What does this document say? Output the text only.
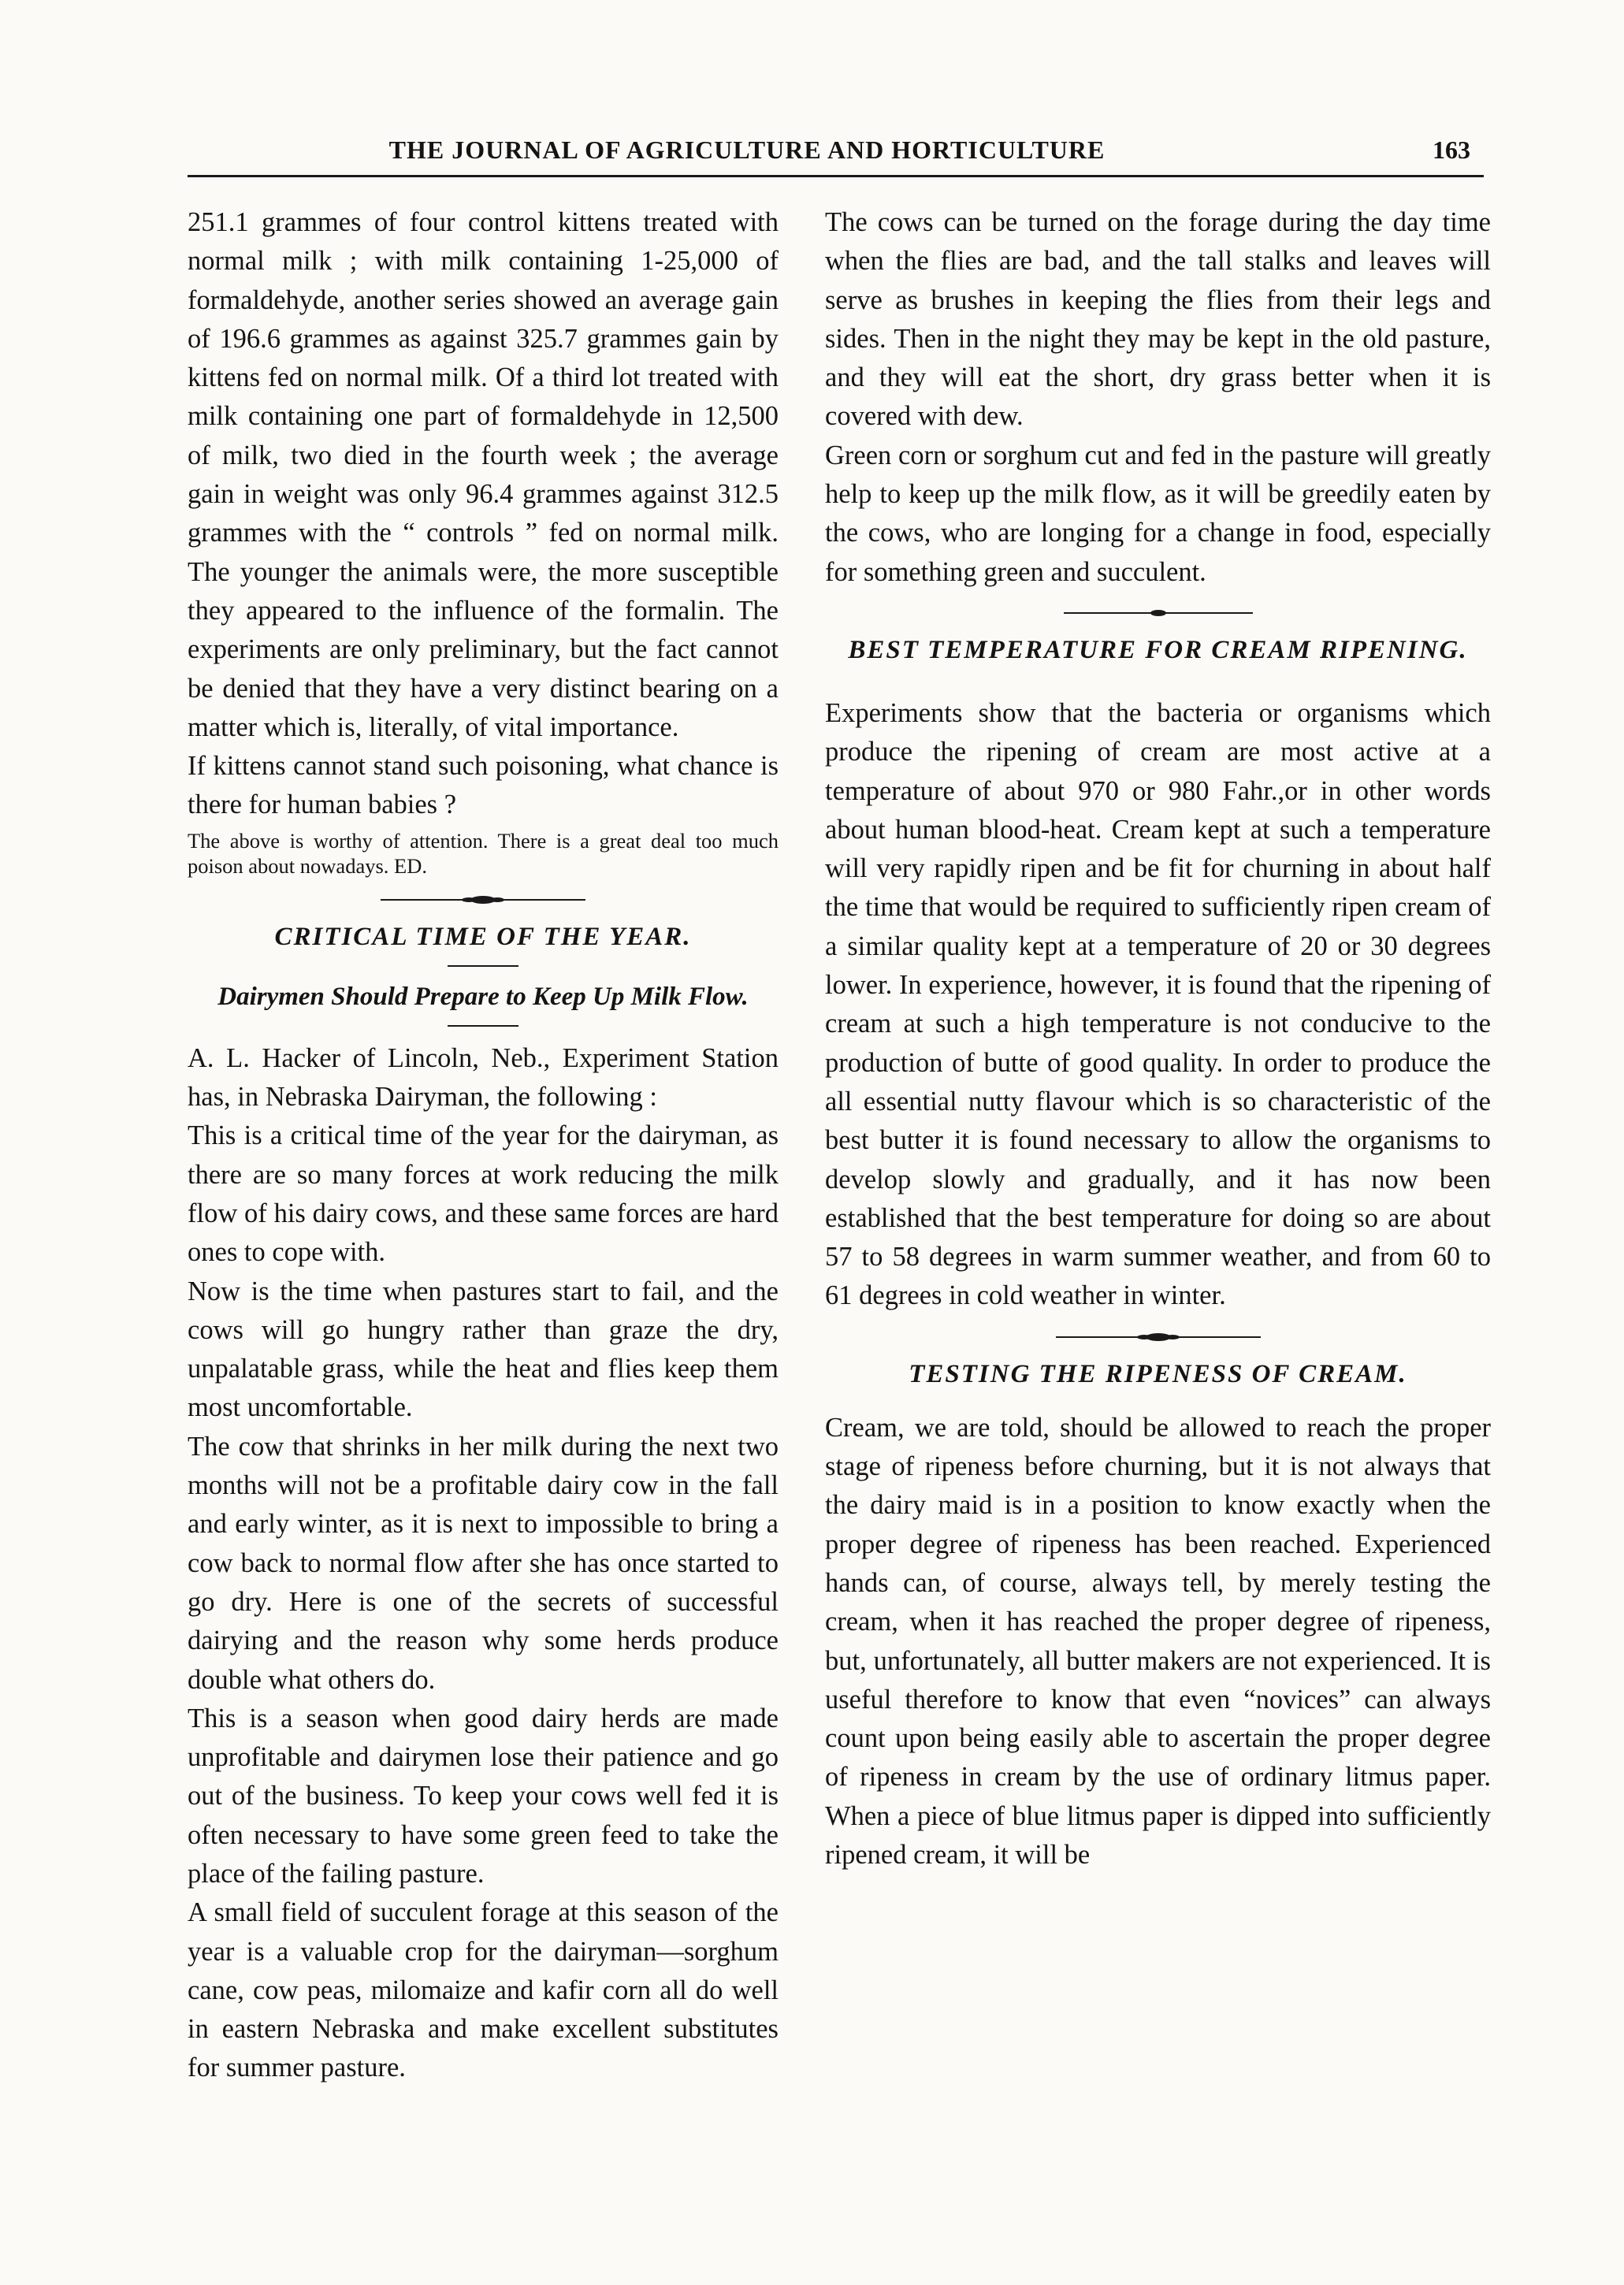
THE JOURNAL OF AGRICULTURE AND HORTICULTURE	163

251.1 grammes of four control kittens treated with normal milk ; with milk containing 1-25,000 of formaldehyde, another series showed an average gain of 196.6 grammes as against 325.7 grammes gain by kittens fed on normal milk. Of a third lot treated with milk containing one part of formaldehyde in 12,500 of milk, two died in the fourth week ; the average gain in weight was only 96.4 grammes against 312.5 grammes with the “ controls ” fed on normal milk. The younger the animals were, the more susceptible they appeared to the influence of the formalin. The experiments are only preliminary, but the fact cannot be denied that they have a very distinct bearing on a matter which is, literally, of vital importance.

If kittens cannot stand such poisoning, what chance is there for human babies ?

The above is worthy of attention. There is a great deal too much poison about nowadays. ED.

CRITICAL TIME OF THE YEAR.
Dairymen Should Prepare to Keep Up Milk Flow.

A. L. Hacker of Lincoln, Neb., Experiment Station has, in Nebraska Dairyman, the following :

This is a critical time of the year for the dairyman, as there are so many forces at work reducing the milk flow of his dairy cows, and these same forces are hard ones to cope with.

Now is the time when pastures start to fail, and the cows will go hungry rather than graze the dry, unpalatable grass, while the heat and flies keep them most uncomfortable.

The cow that shrinks in her milk during the next two months will not be a profitable dairy cow in the fall and early winter, as it is next to impossible to bring a cow back to normal flow after she has once started to go dry. Here is one of the secrets of successful dairying and the reason why some herds produce double what others do.

This is a season when good dairy herds are made unprofitable and dairymen lose their patience and go out of the business. To keep your cows well fed it is often necessary to have some green feed to take the place of the failing pasture.

A small field of succulent forage at this season of the year is a valuable crop for the dairyman—sorghum cane, cow peas, milomaize and kafir corn all do well in eastern Nebraska and make excellent substitutes for summer pasture.

The cows can be turned on the forage during the day time when the flies are bad, and the tall stalks and leaves will serve as brushes in keeping the flies from their legs and sides. Then in the night they may be kept in the old pasture, and they will eat the short, dry grass better when it is covered with dew.

Green corn or sorghum cut and fed in the pasture will greatly help to keep up the milk flow, as it will be greedily eaten by the cows, who are longing for a change in food, especially for something green and succulent.

BEST TEMPERATURE FOR CREAM RIPENING.

Experiments show that the bacteria or organisms which produce the ripening of cream are most active at a temperature of about 970 or 980 Fahr.,or in other words about human blood-heat. Cream kept at such a temperature will very rapidly ripen and be fit for churning in about half the time that would be required to sufficiently ripen cream of a similar quality kept at a temperature of 20 or 30 degrees lower. In experience, however, it is found that the ripening of cream at such a high temperature is not conducive to the production of butte of good quality. In order to produce the all essential nutty flavour which is so characteristic of the best butter it is found necessary to allow the organisms to develop slowly and gradually, and it has now been established that the best temperature for doing so are about 57 to 58 degrees in warm summer weather, and from 60 to 61 degrees in cold weather in winter.

TESTING THE RIPENESS OF CREAM.

Cream, we are told, should be allowed to reach the proper stage of ripeness before churning, but it is not always that the dairy maid is in a position to know exactly when the proper degree of ripeness has been reached. Experienced hands can, of course, always tell, by merely testing the cream, when it has reached the proper degree of ripeness, but, unfortunately, all butter makers are not experienced. It is useful therefore to know that even “novices” can always count upon being easily able to ascertain the proper degree of ripeness in cream by the use of ordinary litmus paper. When a piece of blue litmus paper is dipped into sufficiently ripened cream, it will be
